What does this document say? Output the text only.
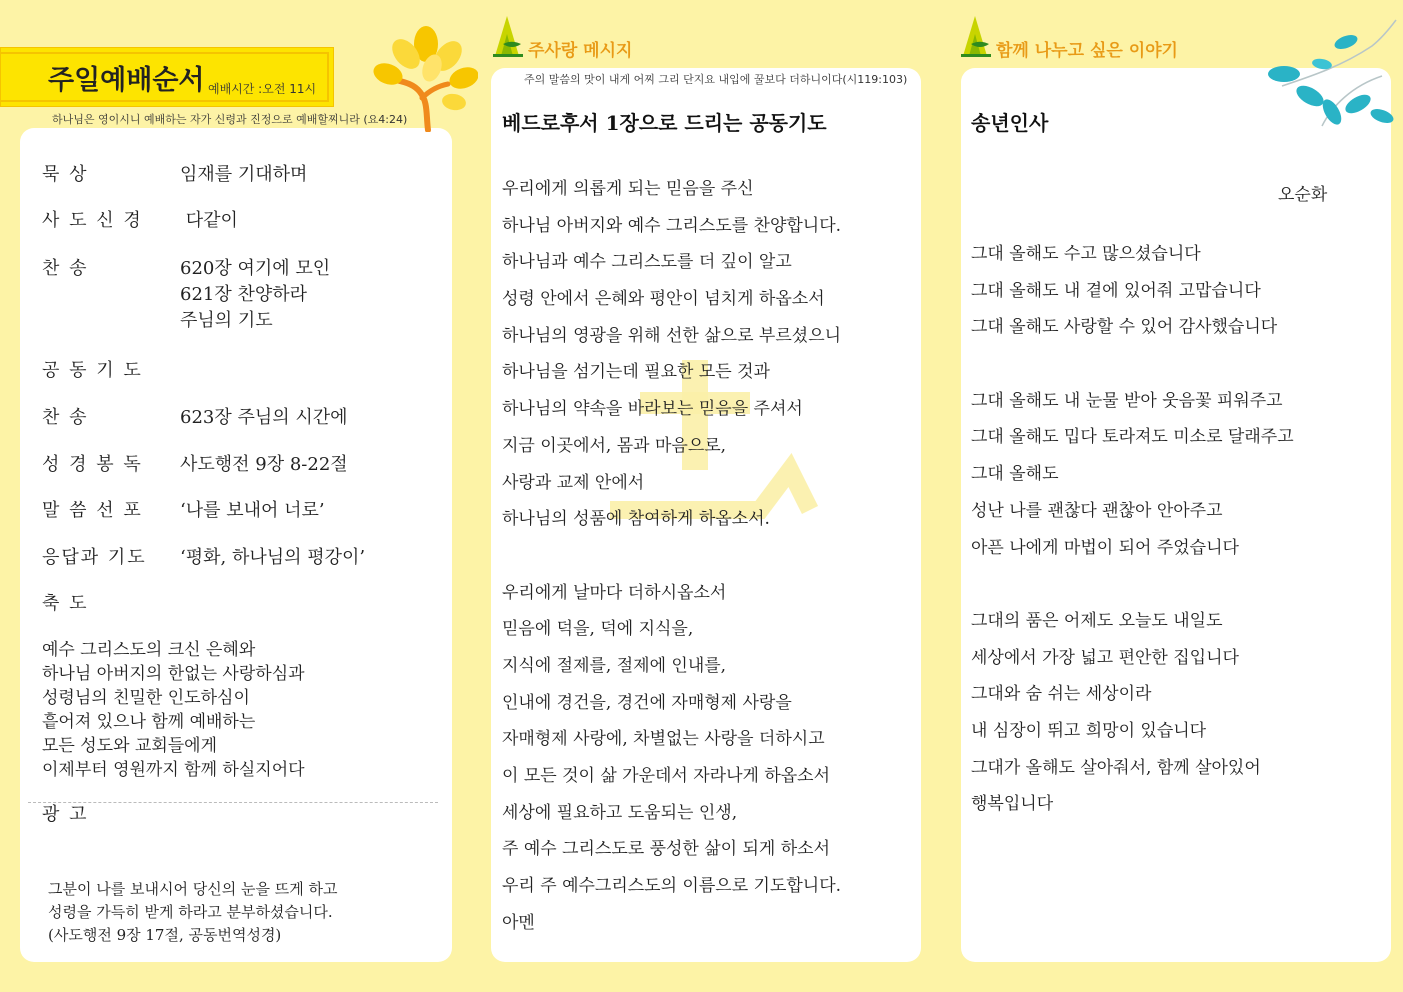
주일예배순서 예배시간 :오전 11시
하나님은 영이시니 예배하는 자가 신령과 진정으로 예배할찌니라 (요4:24)
묵 상	임재를 기대하며
사 도 신 경	다같이
찬 송	620장 여기에 모인
621장 찬양하라
주님의 기도
공 동 기 도
찬 송	623장 주님의 시간에
성 경 봉 독	사도행전 9장 8-22절
말 씀 선 포	‘나를 보내어 너로’
응답과 기도 ‘평화, 하나님의 평강이’
축 도
예수 그리스도의 크신 은혜와
하나님 아버지의 한없는 사랑하심과
성령님의 친밀한 인도하심이
흩어져 있으나 함께 예배하는
모든 성도와 교회들에게
이제부터 영원까지 함께 하실지어다
광 고
그분이 나를 보내시어 당신의 눈을 뜨게 하고
성령을 가득히 받게 하라고 분부하셨습니다.
(사도행전 9장 17절, 공동번역성경)
주사랑 메시지
주의 말씀의 맛이 내게 어찌 그리 단지요 내입에 꿀보다 더하니이다(시119:103)
베드로후서 1장으로 드리는 공동기도
우리에게 의롭게 되는 믿음을 주신
하나님 아버지와 예수 그리스도를 찬양합니다.
하나님과 예수 그리스도를 더 깊이 알고
성령 안에서 은혜와 평안이 넘치게 하옵소서
하나님의 영광을 위해 선한 삶으로 부르셨으니
하나님을 섬기는데 필요한 모든 것과
하나님의 약속을 바라보는 믿음을 주셔서
지금 이곳에서, 몸과 마음으로,
사랑과 교제 안에서
하나님의 성품에 참여하게 하옵소서.
우리에게 날마다 더하시옵소서
믿음에 덕을, 덕에 지식을,
지식에 절제를, 절제에 인내를,
인내에 경건을, 경건에 자매형제 사랑을
자매형제 사랑에, 차별없는 사랑을 더하시고
이 모든 것이 삶 가운데서 자라나게 하옵소서
세상에 필요하고 도움되는 인생,
주 예수 그리스도로 풍성한 삶이 되게 하소서
우리 주 예수그리스도의 이름으로 기도합니다.
아멘
함께 나누고 싶은 이야기
송년인사
오순화
그대 올해도 수고 많으셨습니다
그대 올해도 내 곁에 있어줘 고맙습니다
그대 올해도 사랑할 수 있어 감사했습니다
그대 올해도 내 눈물 받아 웃음꽃 피워주고
그대 올해도 밉다 토라져도 미소로 달래주고
그대 올해도
성난 나를 괜찮다 괜찮아 안아주고
아픈 나에게 마법이 되어 주었습니다
그대의 품은 어제도 오늘도 내일도
세상에서 가장 넓고 편안한 집입니다
그대와 숨 쉬는 세상이라
내 심장이 뛰고 희망이 있습니다
그대가 올해도 살아줘서, 함께 살아있어
행복입니다
